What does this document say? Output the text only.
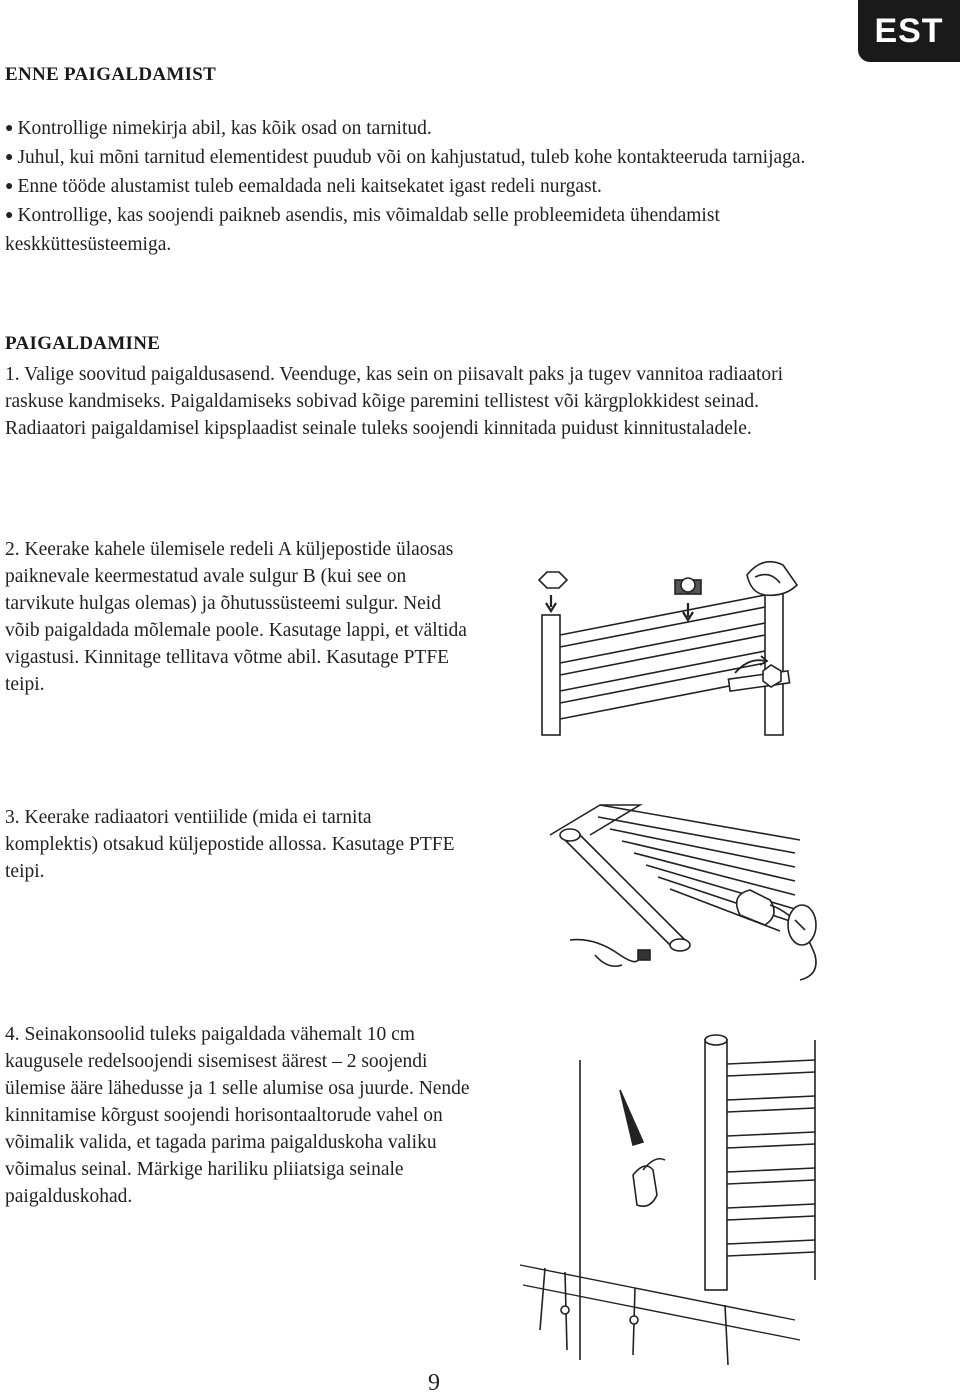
EST
ENNE PAIGALDAMIST
● Kontrollige nimekirja abil, kas kõik osad on tarnitud.
● Juhul, kui mõni tarnitud elementidest puudub või on kahjustatud, tuleb kohe kontakteeruda tarnijaga.
● Enne tööde alustamist tuleb eemaldada neli kaitsekatet igast redeli nurgast.
● Kontrollige, kas soojendi paikneb asendis, mis võimaldab selle probleemideta ühendamist keskküttesüsteemiga.
PAIGALDAMINE

1. Valige soovitud paigaldusasend. Veenduge, kas sein on piisavalt paks ja tugev vannitoa radiaatori raskuse kandmiseks. Paigaldamiseks sobivad kõige paremini tellistest või kärgplokkidest seinad. Radiaatori paigaldamisel kipsplaadist seinale tuleks soojendi kinnitada puidust kinnitustaladele.

2. Keerake kahele ülemisele redeli A küljepostide ülaosas paiknevale keermestatud avale sulgur B (kui see on tarvikute hulgas olemas) ja õhutussüsteemi sulgur. Neid võib paigaldada mõlemale poole. Kasutage lappi, et vältida vigastusi. Kinnitage tellitava võtme abil. Kasutage PTFE teipi.

3. Keerake radiaatori ventiilide (mida ei tarnita komplektis) otsakud küljepostide allossa. Kasutage PTFE teipi.

4. Seinakonsoolid tuleks paigaldada vähemalt 10 cm kaugusele redelsoojendi sisemisest äärest – 2 soojendi ülemise ääre lähedusse ja 1 selle alumise osa juurde. Nende kinnitamise kõrgust soojendi horisontaaltorude vahel on võimalik valida, et tagada parima paigalduskoha valiku võimalus seinal. Märkige hariliku pliiatsiga seinale paigalduskohad.

9
